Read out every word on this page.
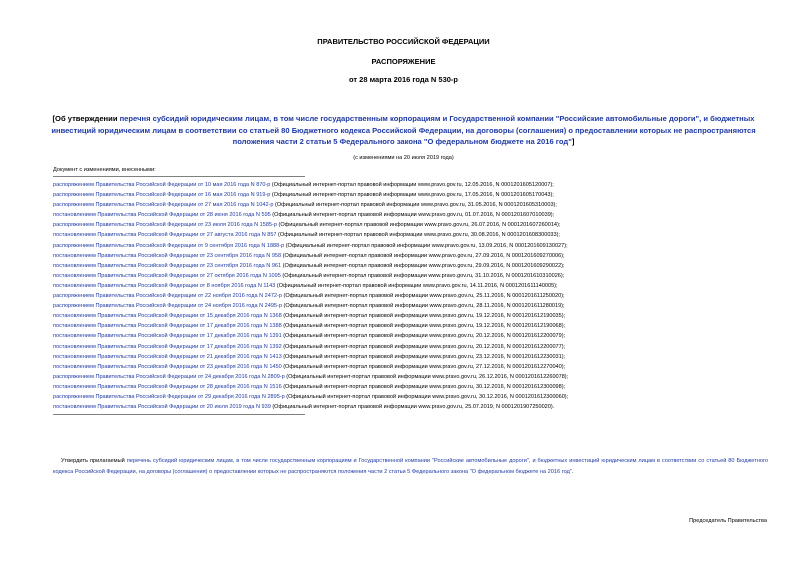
ПРАВИТЕЛЬСТВО РОССИЙСКОЙ ФЕДЕРАЦИИ
РАСПОРЯЖЕНИЕ
от 28 марта 2016 года N 530-р
[Об утверждении перечня субсидий юридическим лицам, в том числе государственным корпорациям и Государственной компании "Российские автомобильные дороги", и бюджетных инвестиций юридическим лицам в соответствии со статьей 80 Бюджетного кодекса Российской Федерации, на договоры (соглашения) о предоставлении которых не распространяются положения части 2 статьи 5 Федерального закона "О федеральном бюджете на 2016 год"]
(с изменениями на 20 июля 2019 года)
Документ с изменениями, внесенными:
распоряжением Правительства Российской Федерации от 10 мая 2016 года N 870-р (Официальный интернет-портал правовой информации www.pravo.gov.ru, 12.05.2016, N 0001201605120007);
распоряжением Правительства Российской Федерации от 16 мая 2016 года N 919-р (Официальный интернет-портал правовой информации www.pravo.gov.ru, 17.05.2016, N 0001201605170043);
распоряжением Правительства Российской Федерации от 27 мая 2016 года N 1042-р (Официальный интернет-портал правовой информации www.pravo.gov.ru, 31.05.2016, N 0001201605310003);
постановлением Правительства Российской Федерации от 28 июня 2016 года N 595 (Официальный интернет-портал правовой информации www.pravo.gov.ru, 01.07.2016, N 0001201607010039);
распоряжением Правительства Российской Федерации от 23 июля 2016 года N 1585-р (Официальный интернет-портал правовой информации www.pravo.gov.ru, 26.07.2016, N 0001201607260014);
постановлением Правительства Российской Федерации от 27 августа 2016 года N 857 (Официальный интернет-портал правовой информации www.pravo.gov.ru, 30.08.2016, N 0001201608300033);
распоряжением Правительства Российской Федерации от 9 сентября 2016 года N 1888-р (Официальный интернет-портал правовой информации www.pravo.gov.ru, 13.09.2016, N 0001201609130027);
постановлением Правительства Российской Федерации от 23 сентября 2016 года N 958 (Официальный интернет-портал правовой информации www.pravo.gov.ru, 27.09.2016, N 0001201609270006);
постановлением Правительства Российской Федерации от 23 сентября 2016 года N 961 (Официальный интернет-портал правовой информации www.pravo.gov.ru, 29.09.2016, N 0001201609290022);
постановлением Правительства Российской Федерации от 27 октября 2016 года N 1095 (Официальный интернет-портал правовой информации www.pravo.gov.ru, 31.10.2016, N 0001201610310026);
постановлением Правительства Российской Федерации от 8 ноября 2016 года N 1143 (Официальный интернет-портал правовой информации www.pravo.gov.ru, 14.11.2016, N 0001201611140005);
распоряжением Правительства Российской Федерации от 22 ноября 2016 года N 2472-р (Официальный интернет-портал правовой информации www.pravo.gov.ru, 25.11.2016, N 0001201611250020);
распоряжением Правительства Российской Федерации от 24 ноября 2016 года N 2495-р (Официальный интернет-портал правовой информации www.pravo.gov.ru, 28.11.2016, N 0001201611280019);
постановлением Правительства Российской Федерации от 15 декабря 2016 года N 1368 (Официальный интернет-портал правовой информации www.pravo.gov.ru, 19.12.2016, N 0001201612190035);
постановлением Правительства Российской Федерации от 17 декабря 2016 года N 1388 (Официальный интернет-портал правовой информации www.pravo.gov.ru, 19.12.2016, N 0001201612190068);
постановлением Правительства Российской Федерации от 17 декабря 2016 года N 1391 (Официальный интернет-портал правовой информации www.pravo.gov.ru, 20.12.2016, N 0001201612200079);
постановлением Правительства Российской Федерации от 17 декабря 2016 года N 1392 (Официальный интернет-портал правовой информации www.pravo.gov.ru, 20.12.2016, N 0001201612200077);
постановлением Правительства Российской Федерации от 21 декабря 2016 года N 1413 (Официальный интернет-портал правовой информации www.pravo.gov.ru, 23.12.2016, N 0001201612230031);
постановлением Правительства Российской Федерации от 23 декабря 2016 года N 1450 (Официальный интернет-портал правовой информации www.pravo.gov.ru, 27.12.2016, N 0001201612270040);
распоряжением Правительства Российской Федерации от 24 декабря 2016 года N 2809-р (Официальный интернет-портал правовой информации www.pravo.gov.ru, 26.12.2016, N 0001201612260078);
постановлением Правительства Российской Федерации от 28 декабря 2016 года N 1516 (Официальный интернет-портал правовой информации www.pravo.gov.ru, 30.12.2016, N 0001201612300098);
распоряжением Правительства Российской Федерации от 29 декабря 2016 года N 2895-р (Официальный интернет-портал правовой информации www.pravo.gov.ru, 30.12.2016, N 0001201612300060);
постановлением Правительства Российской Федерации от 20 июля 2019 года N 939 (Официальный интернет-портал правовой информации www.pravo.gov.ru, 25.07.2019, N 0001201907250020).
Утвердить прилагаемый перечень субсидий юридическим лицам, в том числе государственным корпорациям и Государственной компании "Российские автомобильные дороги", и бюджетных инвестиций юридическим лицам в соответствии со статьей 80 Бюджетного кодекса Российской Федерации, на договоры (соглашения) о предоставлении которых не распространяются положения части 2 статьи 5 Федерального закона "О федеральном бюджете на 2016 год".
Председатель Правительства
